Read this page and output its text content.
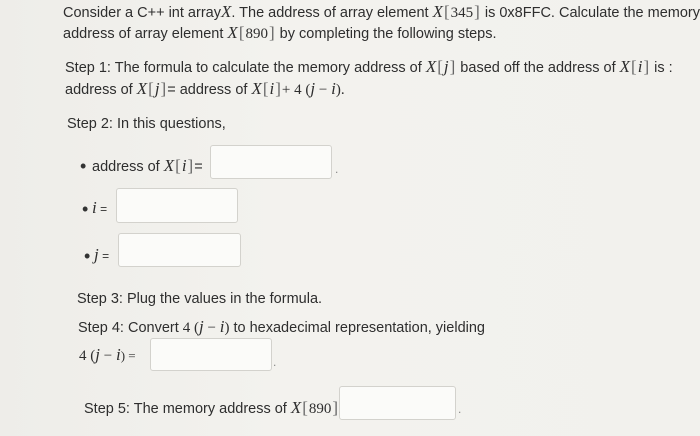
Consider a C++ int arrayX. The address of array element X[345] is 0x8FFC. Calculate the memory
address of array element X[890] by completing the following steps.
Step 1: The formula to calculate the memory address of X[j] based off the address of X[i] is :
address of X[j]= address of X[i]+ 4 (j − i).
Step 2: In this questions,
• address of X[i]=	.
• i =
• j =
Step 3: Plug the values in the formula.
Step 4: Convert 4 (j − i) to hexadecimal representation, yielding
4 (j − i) =	.
Step 5: The memory address of X[890]	.
